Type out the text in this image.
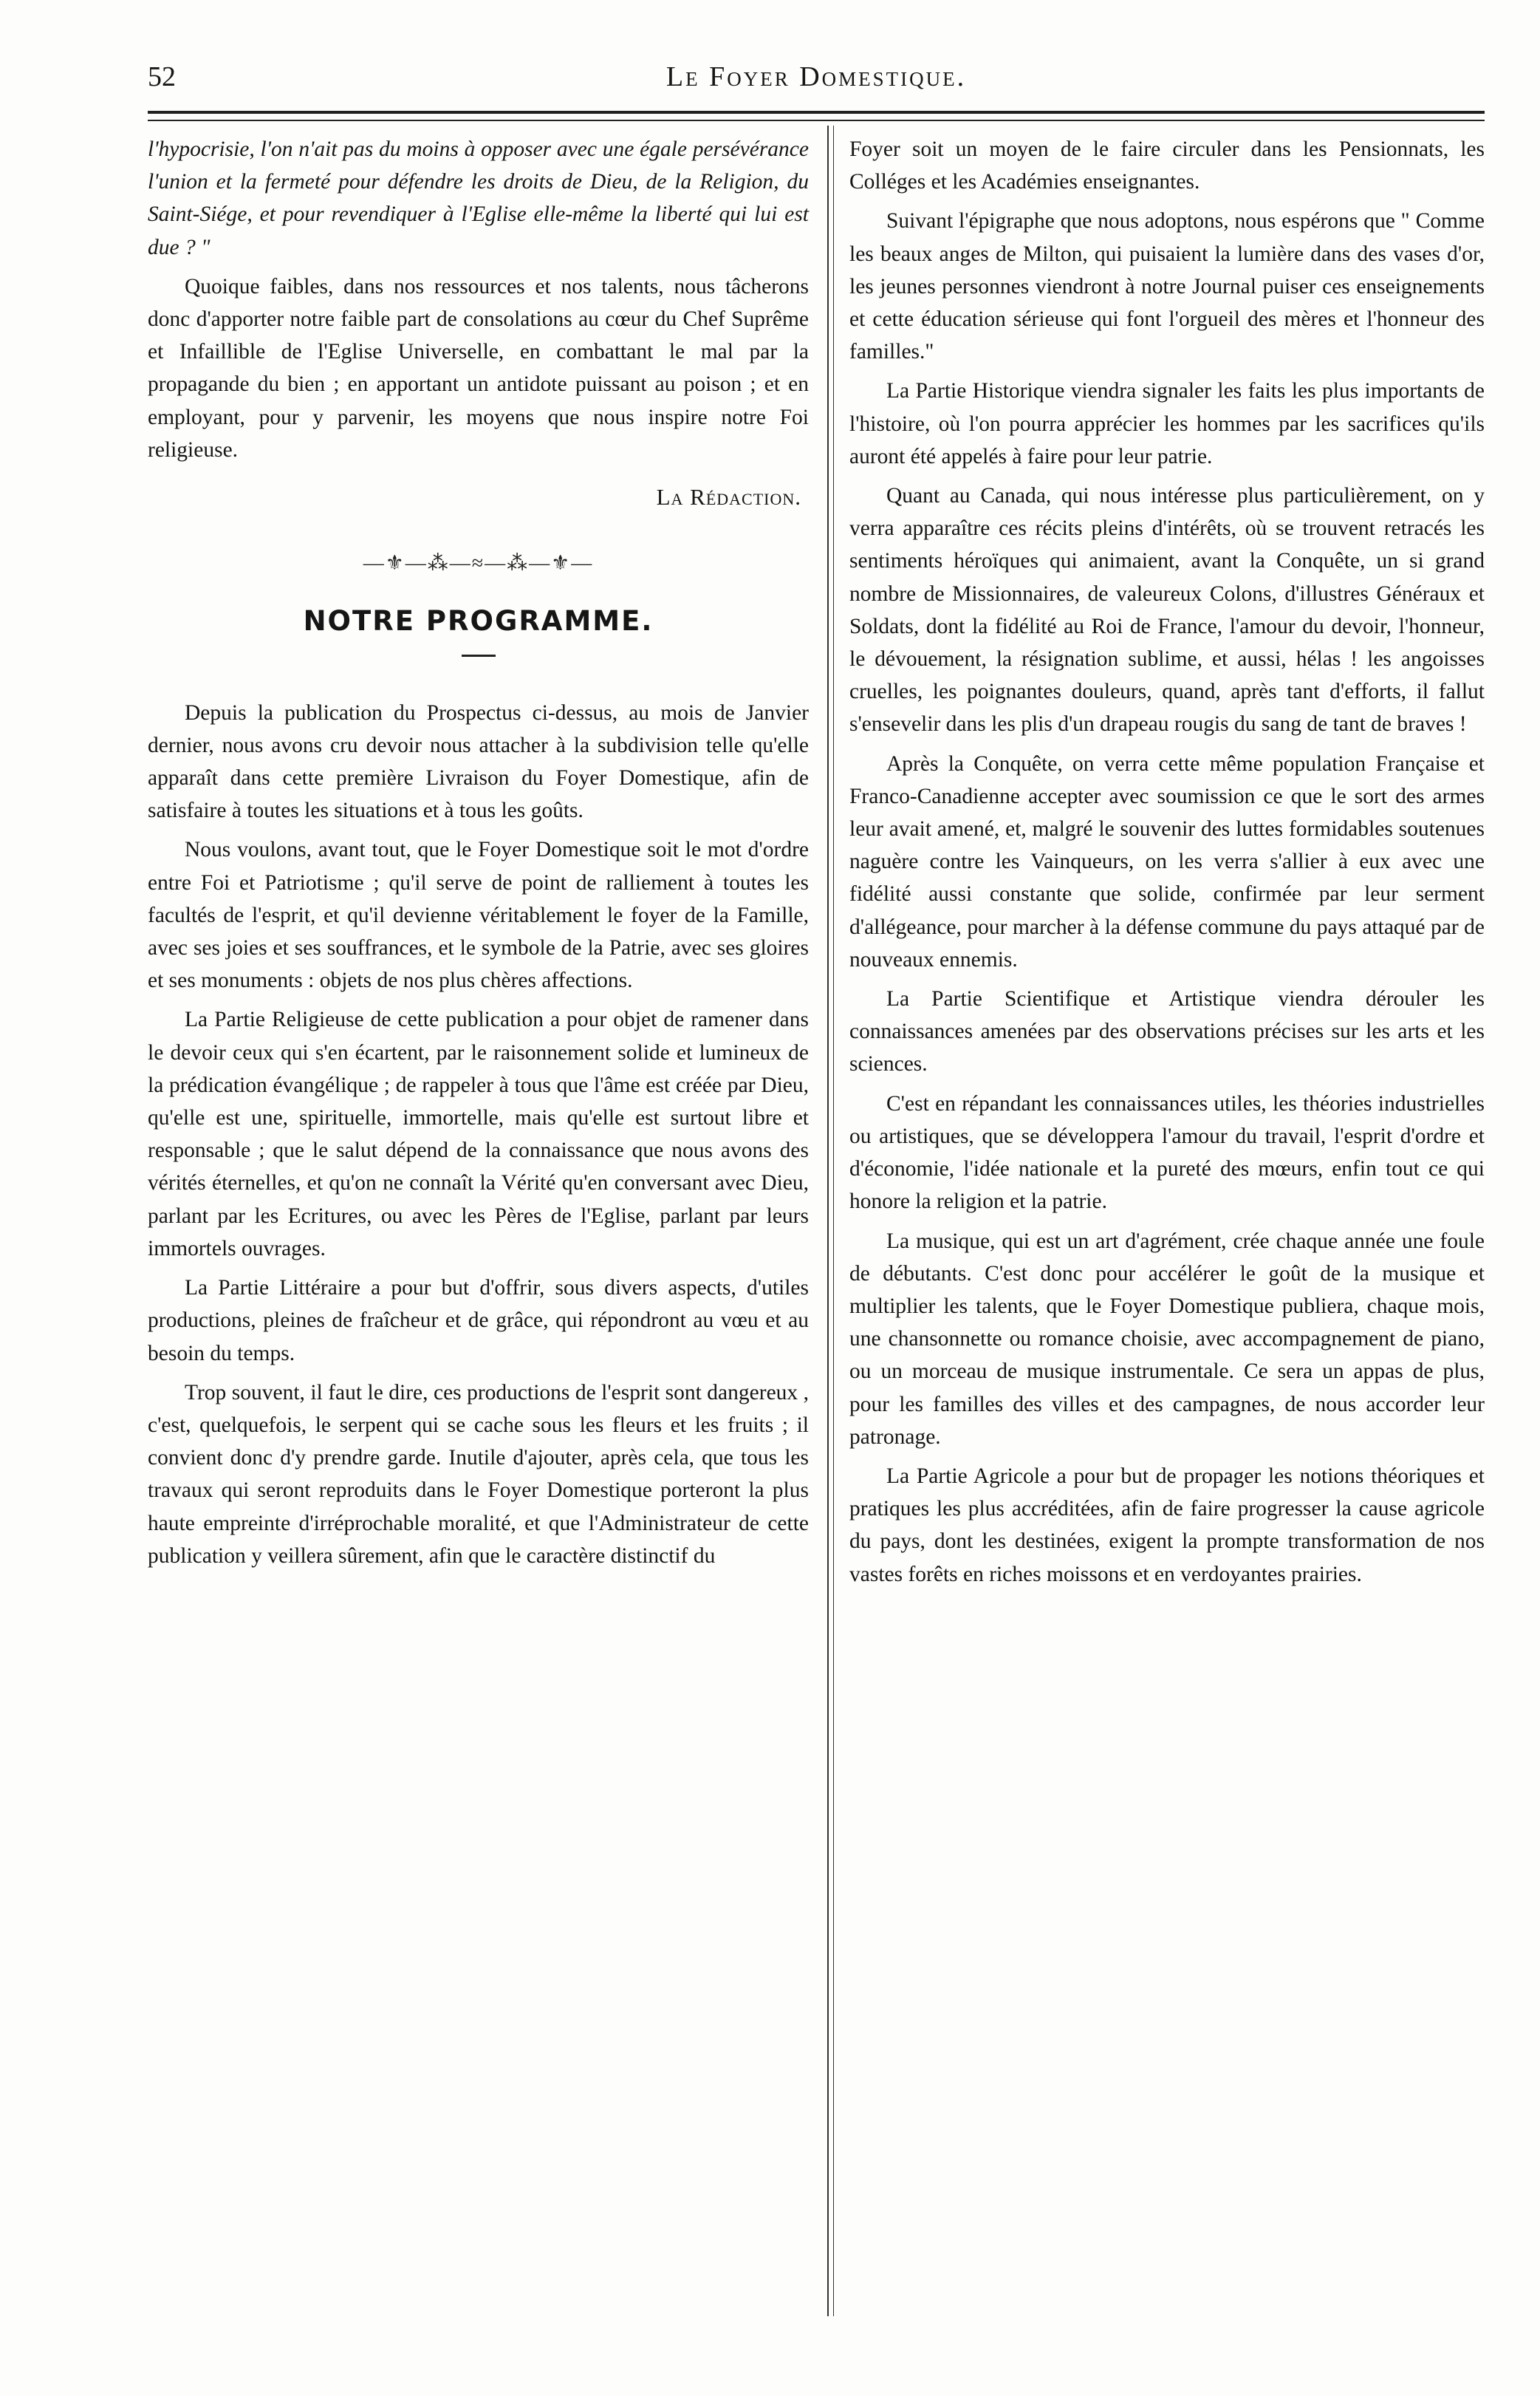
52	Le Foyer Domestique.

l'hypocrisie, l'on n'ait pas du moins à opposer avec une égale persévérance l'union et la fermeté pour défendre les droits de Dieu, de la Religion, du Saint-Siége, et pour revendiquer à l'Eglise elle-même la liberté qui lui est due ? "

Quoique faibles, dans nos ressources et nos talents, nous tâcherons donc d'apporter notre faible part de consolations au cœur du Chef Suprême et Infaillible de l'Eglise Universelle, en combattant le mal par la propagande du bien ; en apportant un antidote puissant au poison ; et en employant, pour y parvenir, les moyens que nous inspire notre Foi religieuse.

La Rédaction.
—⚜—⁂—≈—⁂—⚜—
NOTRE PROGRAMME.

Depuis la publication du Prospectus ci-dessus, au mois de Janvier dernier, nous avons cru devoir nous attacher à la subdivision telle qu'elle apparaît dans cette première Livraison du Foyer Domestique, afin de satisfaire à toutes les situations et à tous les goûts.

Nous voulons, avant tout, que le Foyer Domestique soit le mot d'ordre entre Foi et Patriotisme ; qu'il serve de point de ralliement à toutes les facultés de l'esprit, et qu'il devienne véritablement le foyer de la Famille, avec ses joies et ses souffrances, et le symbole de la Patrie, avec ses gloires et ses monuments : objets de nos plus chères affections.

La Partie Religieuse de cette publication a pour objet de ramener dans le devoir ceux qui s'en écartent, par le raisonnement solide et lumineux de la prédication évangélique ; de rappeler à tous que l'âme est créée par Dieu, qu'elle est une, spirituelle, immortelle, mais qu'elle est surtout libre et responsable ; que le salut dépend de la connaissance que nous avons des vérités éternelles, et qu'on ne connaît la Vérité qu'en conversant avec Dieu, parlant par les Ecritures, ou avec les Pères de l'Eglise, parlant par leurs immortels ouvrages.

La Partie Littéraire a pour but d'offrir, sous divers aspects, d'utiles productions, pleines de fraîcheur et de grâce, qui répondront au vœu et au besoin du temps.

Trop souvent, il faut le dire, ces productions de l'esprit sont dangereux , c'est, quelquefois, le serpent qui se cache sous les fleurs et les fruits ; il convient donc d'y prendre garde. Inutile d'ajouter, après cela, que tous les travaux qui seront reproduits dans le Foyer Domestique porteront la plus haute empreinte d'irréprochable moralité, et que l'Administrateur de cette publication y veillera sûrement, afin que le caractère distinctif du

Foyer soit un moyen de le faire circuler dans les Pensionnats, les Colléges et les Académies enseignantes.

Suivant l'épigraphe que nous adoptons, nous espérons que " Comme les beaux anges de Milton, qui puisaient la lumière dans des vases d'or, les jeunes personnes viendront à notre Journal puiser ces enseignements et cette éducation sérieuse qui font l'orgueil des mères et l'honneur des familles."

La Partie Historique viendra signaler les faits les plus importants de l'histoire, où l'on pourra apprécier les hommes par les sacrifices qu'ils auront été appelés à faire pour leur patrie.

Quant au Canada, qui nous intéresse plus particulièrement, on y verra apparaître ces récits pleins d'intérêts, où se trouvent retracés les sentiments héroïques qui animaient, avant la Conquête, un si grand nombre de Missionnaires, de valeureux Colons, d'illustres Généraux et Soldats, dont la fidélité au Roi de France, l'amour du devoir, l'honneur, le dévouement, la résignation sublime, et aussi, hélas ! les angoisses cruelles, les poignantes douleurs, quand, après tant d'efforts, il fallut s'ensevelir dans les plis d'un drapeau rougis du sang de tant de braves !

Après la Conquête, on verra cette même population Française et Franco-Canadienne accepter avec soumission ce que le sort des armes leur avait amené, et, malgré le souvenir des luttes formidables soutenues naguère contre les Vainqueurs, on les verra s'allier à eux avec une fidélité aussi constante que solide, confirmée par leur serment d'allégeance, pour marcher à la défense commune du pays attaqué par de nouveaux ennemis.

La Partie Scientifique et Artistique viendra dérouler les connaissances amenées par des observations précises sur les arts et les sciences.

C'est en répandant les connaissances utiles, les théories industrielles ou artistiques, que se développera l'amour du travail, l'esprit d'ordre et d'économie, l'idée nationale et la pureté des mœurs, enfin tout ce qui honore la religion et la patrie.

La musique, qui est un art d'agrément, crée chaque année une foule de débutants. C'est donc pour accélérer le goût de la musique et multiplier les talents, que le Foyer Domestique publiera, chaque mois, une chansonnette ou romance choisie, avec accompagnement de piano, ou un morceau de musique instrumentale. Ce sera un appas de plus, pour les familles des villes et des campagnes, de nous accorder leur patronage.

La Partie Agricole a pour but de propager les notions théoriques et pratiques les plus accréditées, afin de faire progresser la cause agricole du pays, dont les destinées, exigent la prompte transformation de nos vastes forêts en riches moissons et en verdoyantes prairies.
